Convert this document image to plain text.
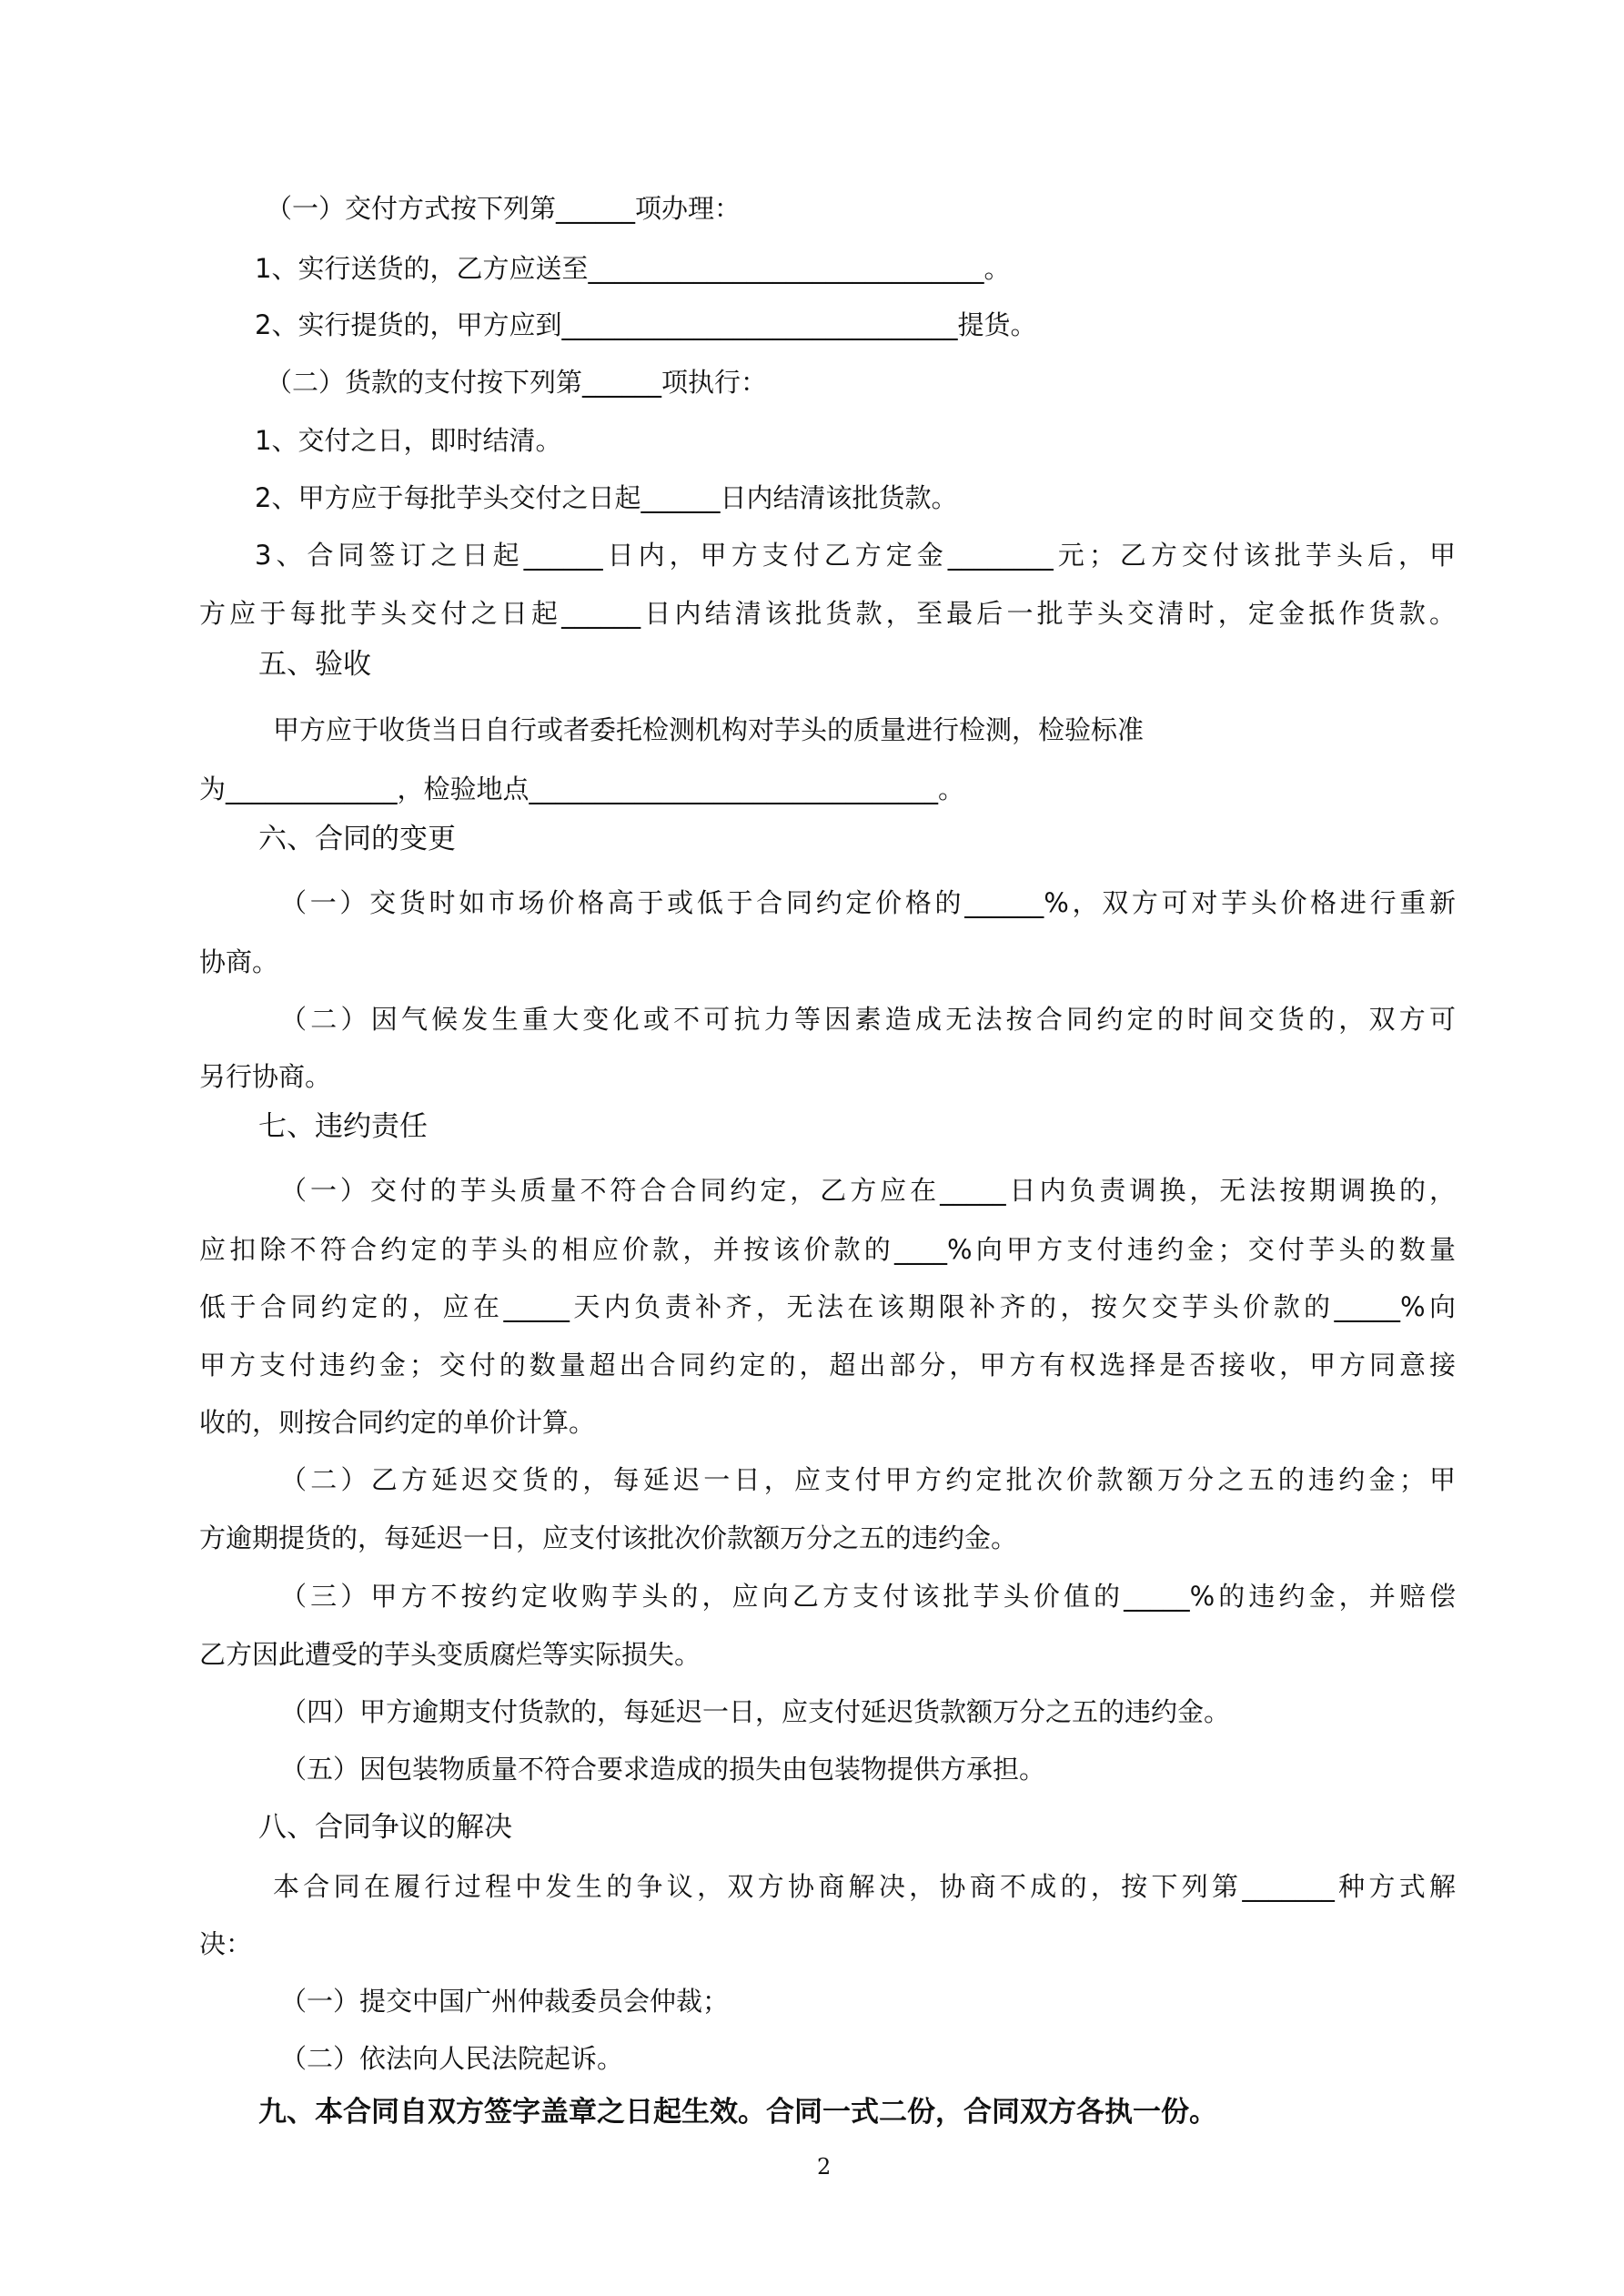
（一）交付方式按下列第______项办理：
1、实行送货的，乙方应送至______________________________。
2、实行提货的，甲方应到______________________________提货。
（二）货款的支付按下列第______项执行：
1、交付之日，即时结清。
2、甲方应于每批芋头交付之日起______日内结清该批货款。
3、合同签订之日起______日内，甲方支付乙方定金________元；乙方交付该批芋头后，甲
方应于每批芋头交付之日起______日内结清该批货款，至最后一批芋头交清时，定金抵作货款。
五、验收
甲方应于收货当日自行或者委托检测机构对芋头的质量进行检测，检验标准
为_____________，检验地点_______________________________。
六、合同的变更
（一）交货时如市场价格高于或低于合同约定价格的______%，双方可对芋头价格进行重新
协商。
（二）因气候发生重大变化或不可抗力等因素造成无法按合同约定的时间交货的，双方可
另行协商。
七、违约责任
（一）交付的芋头质量不符合合同约定，乙方应在_____日内负责调换，无法按期调换的，
应扣除不符合约定的芋头的相应价款，并按该价款的____%向甲方支付违约金；交付芋头的数量
低于合同约定的，应在_____天内负责补齐，无法在该期限补齐的，按欠交芋头价款的_____%向
甲方支付违约金；交付的数量超出合同约定的，超出部分，甲方有权选择是否接收，甲方同意接
收的，则按合同约定的单价计算。
（二）乙方延迟交货的，每延迟一日，应支付甲方约定批次价款额万分之五的违约金；甲
方逾期提货的，每延迟一日，应支付该批次价款额万分之五的违约金。
（三）甲方不按约定收购芋头的，应向乙方支付该批芋头价值的_____%的违约金，并赔偿
乙方因此遭受的芋头变质腐烂等实际损失。
（四）甲方逾期支付货款的，每延迟一日，应支付延迟货款额万分之五的违约金。
（五）因包装物质量不符合要求造成的损失由包装物提供方承担。
八、合同争议的解决
本合同在履行过程中发生的争议，双方协商解决，协商不成的，按下列第_______种方式解
决：
（一）提交中国广州仲裁委员会仲裁；
（二）依法向人民法院起诉。
九、本合同自双方签字盖章之日起生效。合同一式二份，合同双方各执一份。
2
